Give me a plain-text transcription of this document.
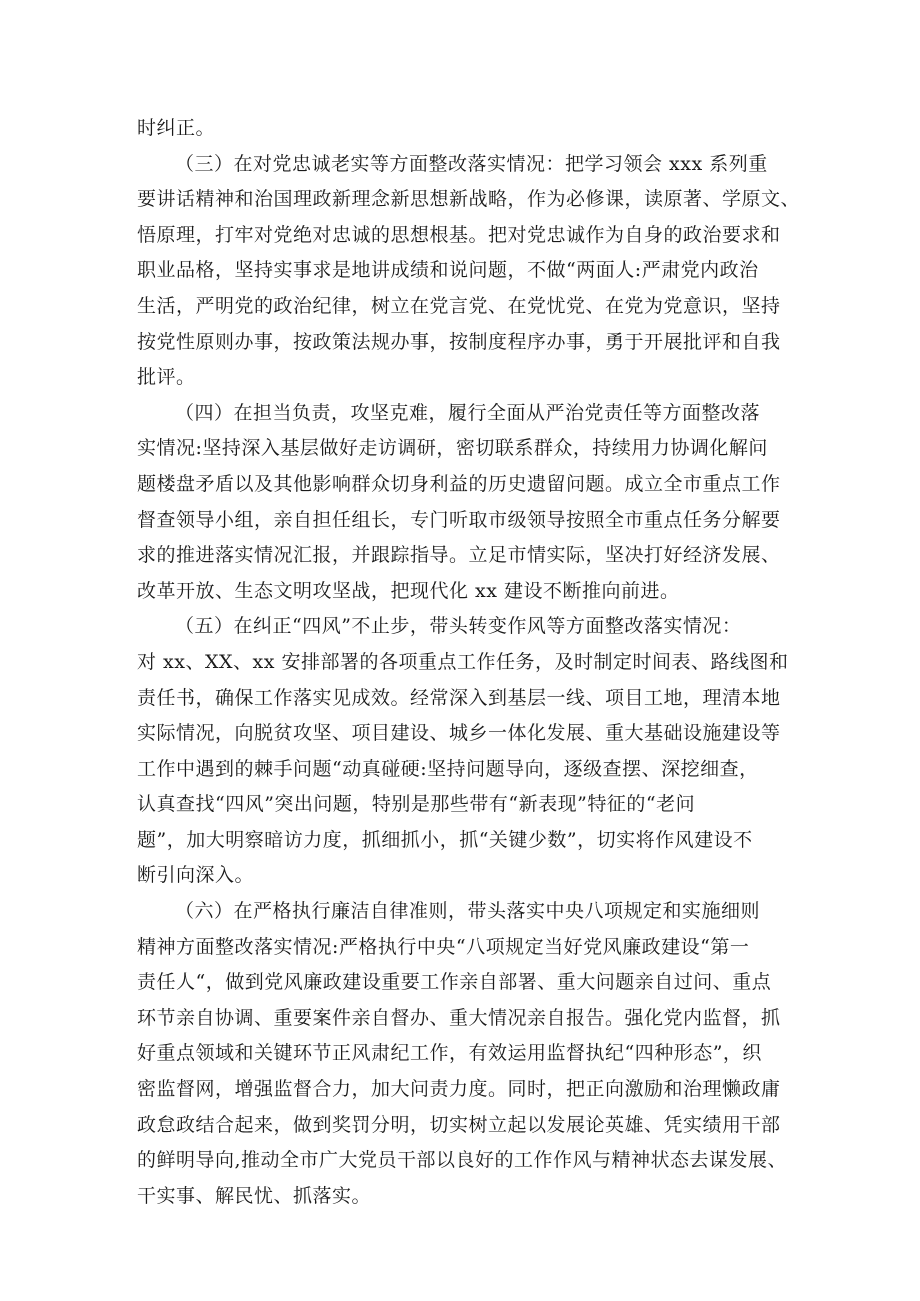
时纠正。
（三）在对党忠诚老实等方面整改落实情况：把学习领会 xxx 系列重
要讲话精神和治国理政新理念新思想新战略，作为必修课，读原著、学原文、
悟原理，打牢对党绝对忠诚的思想根基。把对党忠诚作为自身的政治要求和
职业品格，坚持实事求是地讲成绩和说问题，不做“两面人:严肃党内政治
生活，严明党的政治纪律，树立在党言党、在党忧党、在党为党意识，坚持
按党性原则办事，按政策法规办事，按制度程序办事，勇于开展批评和自我
批评。
（四）在担当负责，攻坚克难，履行全面从严治党责任等方面整改落
实情况:坚持深入基层做好走访调研，密切联系群众，持续用力协调化解问
题楼盘矛盾以及其他影响群众切身利益的历史遗留问题。成立全市重点工作
督查领导小组，亲自担任组长，专门听取市级领导按照全市重点任务分解要
求的推进落实情况汇报，并跟踪指导。立足市情实际，坚决打好经济发展、
改革开放、生态文明攻坚战，把现代化 xx 建设不断推向前进。
（五）在纠正“四风”不止步，带头转变作风等方面整改落实情况：
对 xx、XX、xx 安排部署的各项重点工作任务，及时制定时间表、路线图和
责任书，确保工作落实见成效。经常深入到基层一线、项目工地，理清本地
实际情况，向脱贫攻坚、项目建设、城乡一体化发展、重大基础设施建设等
工作中遇到的棘手问题“动真碰硬:坚持问题导向，逐级查摆、深挖细查，
认真查找“四风”突出问题，特别是那些带有“新表现”特征的“老问
题”，加大明察暗访力度，抓细抓小，抓“关键少数”，切实将作风建设不
断引向深入。
（六）在严格执行廉洁自律准则，带头落实中央八项规定和实施细则
精神方面整改落实情况:严格执行中央“八项规定当好党风廉政建设“第一
责任人“，做到党风廉政建设重要工作亲自部署、重大问题亲自过问、重点
环节亲自协调、重要案件亲自督办、重大情况亲自报告。强化党内监督，抓
好重点领域和关键环节正风肃纪工作，有效运用监督执纪“四种形态”，织
密监督网，增强监督合力，加大问责力度。同时，把正向激励和治理懒政庸
政怠政结合起来，做到奖罚分明，切实树立起以发展论英雄、凭实绩用干部
的鲜明导向,推动全市广大党员干部以良好的工作作风与精神状态去谋发展、
干实事、解民忧、抓落实。
